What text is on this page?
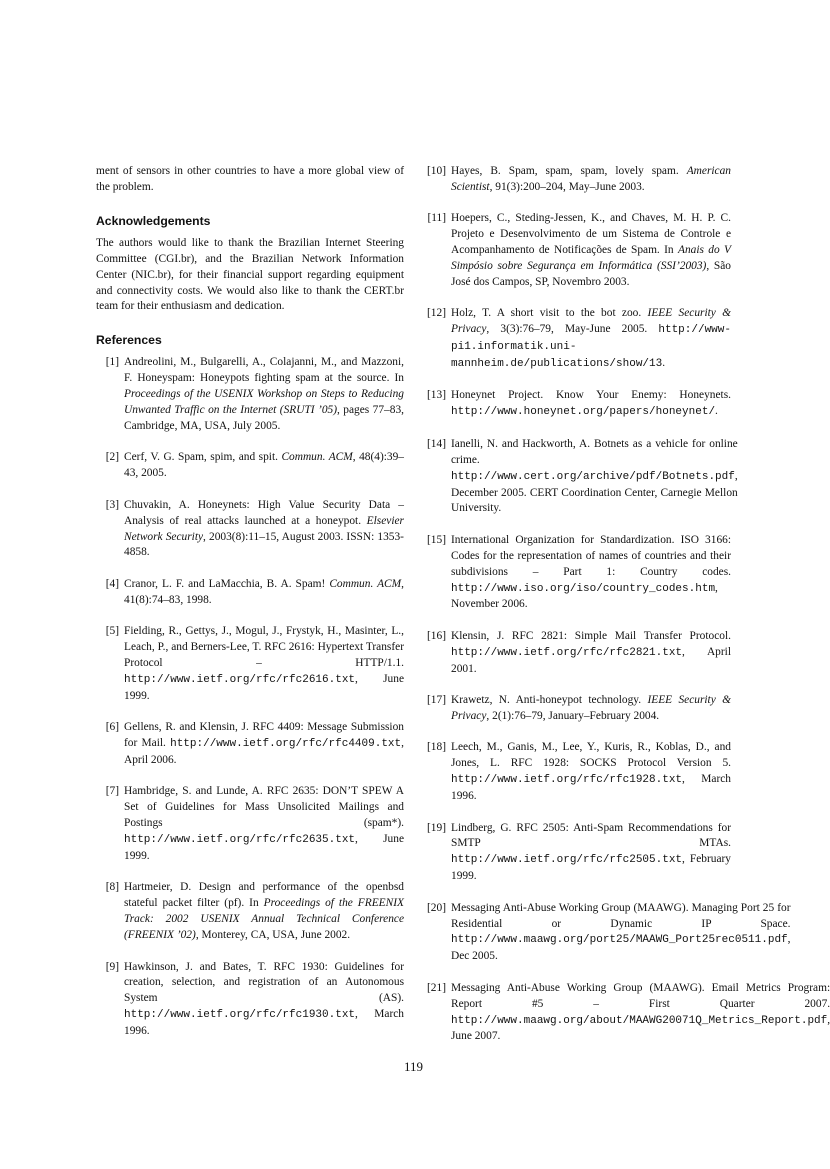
ment of sensors in other countries to have a more global view of the problem.

Acknowledgements

The authors would like to thank the Brazilian Internet Steering Committee (CGI.br), and the Brazilian Network Information Center (NIC.br), for their financial support regarding equipment and connectivity costs. We would also like to thank the CERT.br team for their enthusiasm and dedication.

References
[1] Andreolini, M., Bulgarelli, A., Colajanni, M., and Mazzoni, F. Honeyspam: Honeypots fighting spam at the source. In Proceedings of the USENIX Workshop on Steps to Reducing Unwanted Traffic on the Internet (SRUTI ’05), pages 77–83, Cambridge, MA, USA, July 2005.
[2] Cerf, V. G. Spam, spim, and spit. Commun. ACM, 48(4):39–43, 2005.
[3] Chuvakin, A. Honeynets: High Value Security Data – Analysis of real attacks launched at a honeypot. Elsevier Network Security, 2003(8):11–15, August 2003. ISSN: 1353-4858.
[4] Cranor, L. F. and LaMacchia, B. A. Spam! Commun. ACM, 41(8):74–83, 1998.
[5] Fielding, R., Gettys, J., Mogul, J., Frystyk, H., Masinter, L., Leach, P., and Berners-Lee, T. RFC 2616: Hypertext Transfer Protocol – HTTP/1.1. http://www.ietf.org/rfc/rfc2616.txt, June 1999.
[6] Gellens, R. and Klensin, J. RFC 4409: Message Submission for Mail. http://www.ietf.org/rfc/rfc4409.txt, April 2006.
[7] Hambridge, S. and Lunde, A. RFC 2635: DON’T SPEW A Set of Guidelines for Mass Unsolicited Mailings and Postings (spam*). http://www.ietf.org/rfc/rfc2635.txt, June 1999.
[8] Hartmeier, D. Design and performance of the openbsd stateful packet filter (pf). In Proceedings of the FREENIX Track: 2002 USENIX Annual Technical Conference (FREENIX ’02), Monterey, CA, USA, June 2002.
[9] Hawkinson, J. and Bates, T. RFC 1930: Guidelines for creation, selection, and registration of an Autonomous System (AS). http://www.ietf.org/rfc/rfc1930.txt, March 1996.
[10] Hayes, B. Spam, spam, spam, lovely spam. American Scientist, 91(3):200–204, May–June 2003.
[11] Hoepers, C., Steding-Jessen, K., and Chaves, M. H. P. C. Projeto e Desenvolvimento de um Sistema de Controle e Acompanhamento de Notificações de Spam. In Anais do V Simpósio sobre Segurança em Informática (SSI’2003), São José dos Campos, SP, Novembro 2003.
[12] Holz, T. A short visit to the bot zoo. IEEE Security & Privacy, 3(3):76–79, May-June 2005. http://www-pi1.informatik.uni-mannheim.de/publications/show/13.
[13] Honeynet Project. Know Your Enemy: Honeynets. http://www.honeynet.org/papers/honeynet/.
[14] Ianelli, N. and Hackworth, A. Botnets as a vehicle for online crime. http://www.cert.org/archive/pdf/Botnets.pdf, December 2005. CERT Coordination Center, Carnegie Mellon University.
[15] International Organization for Standardization. ISO 3166: Codes for the representation of names of countries and their subdivisions – Part 1: Country codes. http://www.iso.org/iso/country_codes.htm, November 2006.
[16] Klensin, J. RFC 2821: Simple Mail Transfer Protocol. http://www.ietf.org/rfc/rfc2821.txt, April 2001.
[17] Krawetz, N. Anti-honeypot technology. IEEE Security & Privacy, 2(1):76–79, January–February 2004.
[18] Leech, M., Ganis, M., Lee, Y., Kuris, R., Koblas, D., and Jones, L. RFC 1928: SOCKS Protocol Version 5. http://www.ietf.org/rfc/rfc1928.txt, March 1996.
[19] Lindberg, G. RFC 2505: Anti-Spam Recommendations for SMTP MTAs. http://www.ietf.org/rfc/rfc2505.txt, February 1999.
[20] Messaging Anti-Abuse Working Group (MAAWG). Managing Port 25 for Residential or Dynamic IP Space. http://www.maawg.org/port25/MAAWG_Port25rec0511.pdf, Dec 2005.
[21] Messaging Anti-Abuse Working Group (MAAWG). Email Metrics Program: Report #5 – First Quarter 2007. http://www.maawg.org/about/MAAWG20071Q_Metrics_Report.pdf, June 2007.
119
